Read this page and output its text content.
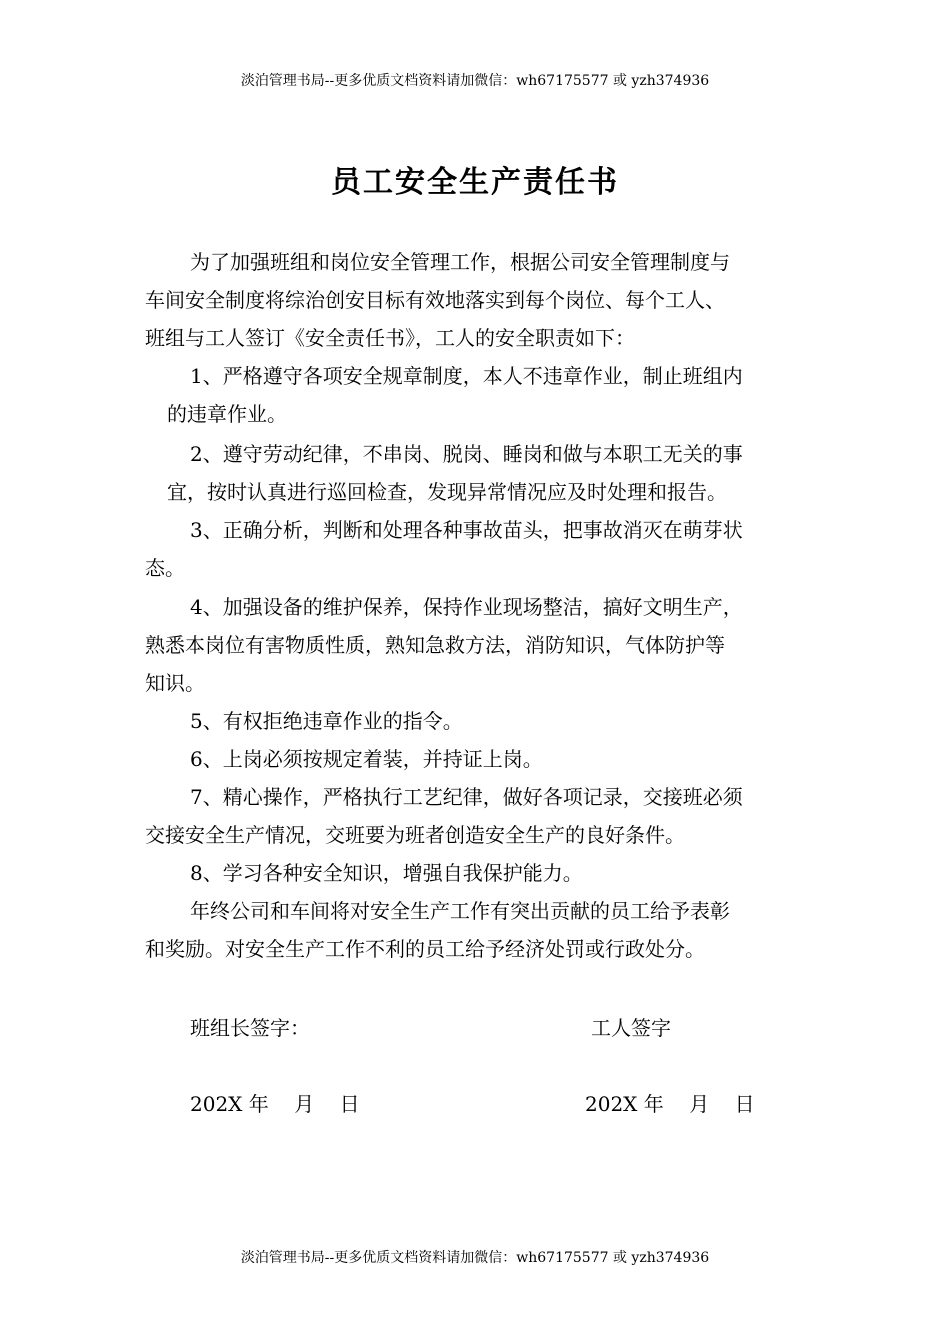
淡泊管理书局--更多优质文档资料请加微信：wh67175577 或 yzh374936
员工安全生产责任书
为了加强班组和岗位安全管理工作，根据公司安全管理制度与
车间安全制度将综治创安目标有效地落实到每个岗位、每个工人、
班组与工人签订《安全责任书》，工人的安全职责如下：
1、严格遵守各项安全规章制度，本人不违章作业，制止班组内
的违章作业。
2、遵守劳动纪律，不串岗、脱岗、睡岗和做与本职工无关的事
宜，按时认真进行巡回检查，发现异常情况应及时处理和报告。
3、正确分析，判断和处理各种事故苗头，把事故消灭在萌芽状
态。
4、加强设备的维护保养，保持作业现场整洁，搞好文明生产，
熟悉本岗位有害物质性质，熟知急救方法，消防知识，气体防护等
知识。
5、有权拒绝违章作业的指令。
6、上岗必须按规定着装，并持证上岗。
7、精心操作，严格执行工艺纪律，做好各项记录，交接班必须
交接安全生产情况，交班要为班者创造安全生产的良好条件。
8、学习各种安全知识，增强自我保护能力。
年终公司和车间将对安全生产工作有突出贡献的员工给予表彰
和奖励。对安全生产工作不利的员工给予经济处罚或行政处分。
班组长签字：	工人签字
202X 年    月    日	202X 年    月    日
淡泊管理书局--更多优质文档资料请加微信：wh67175577 或 yzh374936
